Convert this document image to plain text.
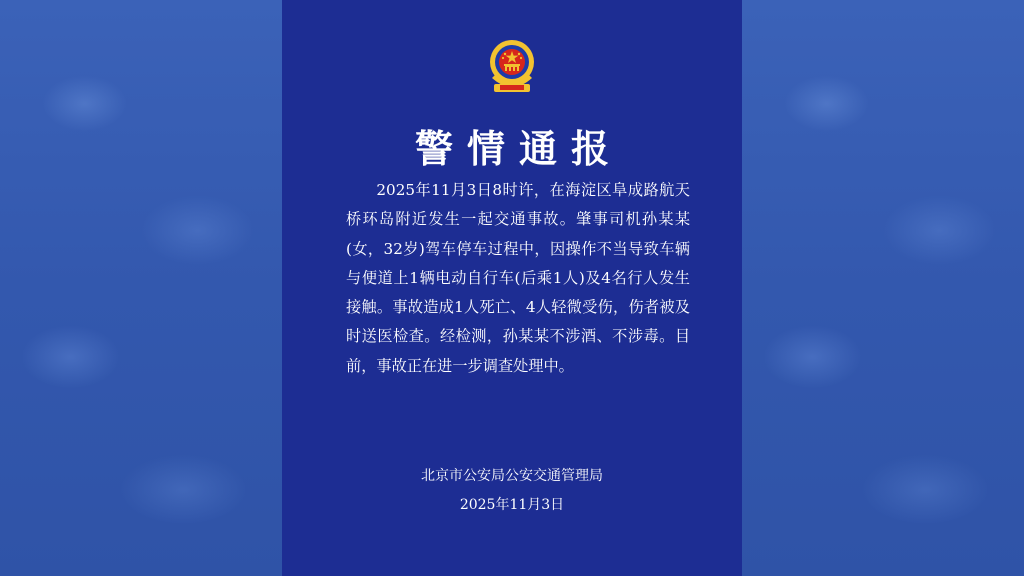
警情通报

2025年11月3日8时许，在海淀区阜成路航天桥环岛附近发生一起交通事故。肇事司机孙某某(女，32岁)驾车停车过程中，因操作不当导致车辆与便道上1辆电动自行车(后乘1人)及4名行人发生接触。事故造成1人死亡、4人轻微受伤，伤者被及时送医检查。经检测，孙某某不涉酒、不涉毒。目前，事故正在进一步调查处理中。

北京市公安局公安交通管理局
2025年11月3日
